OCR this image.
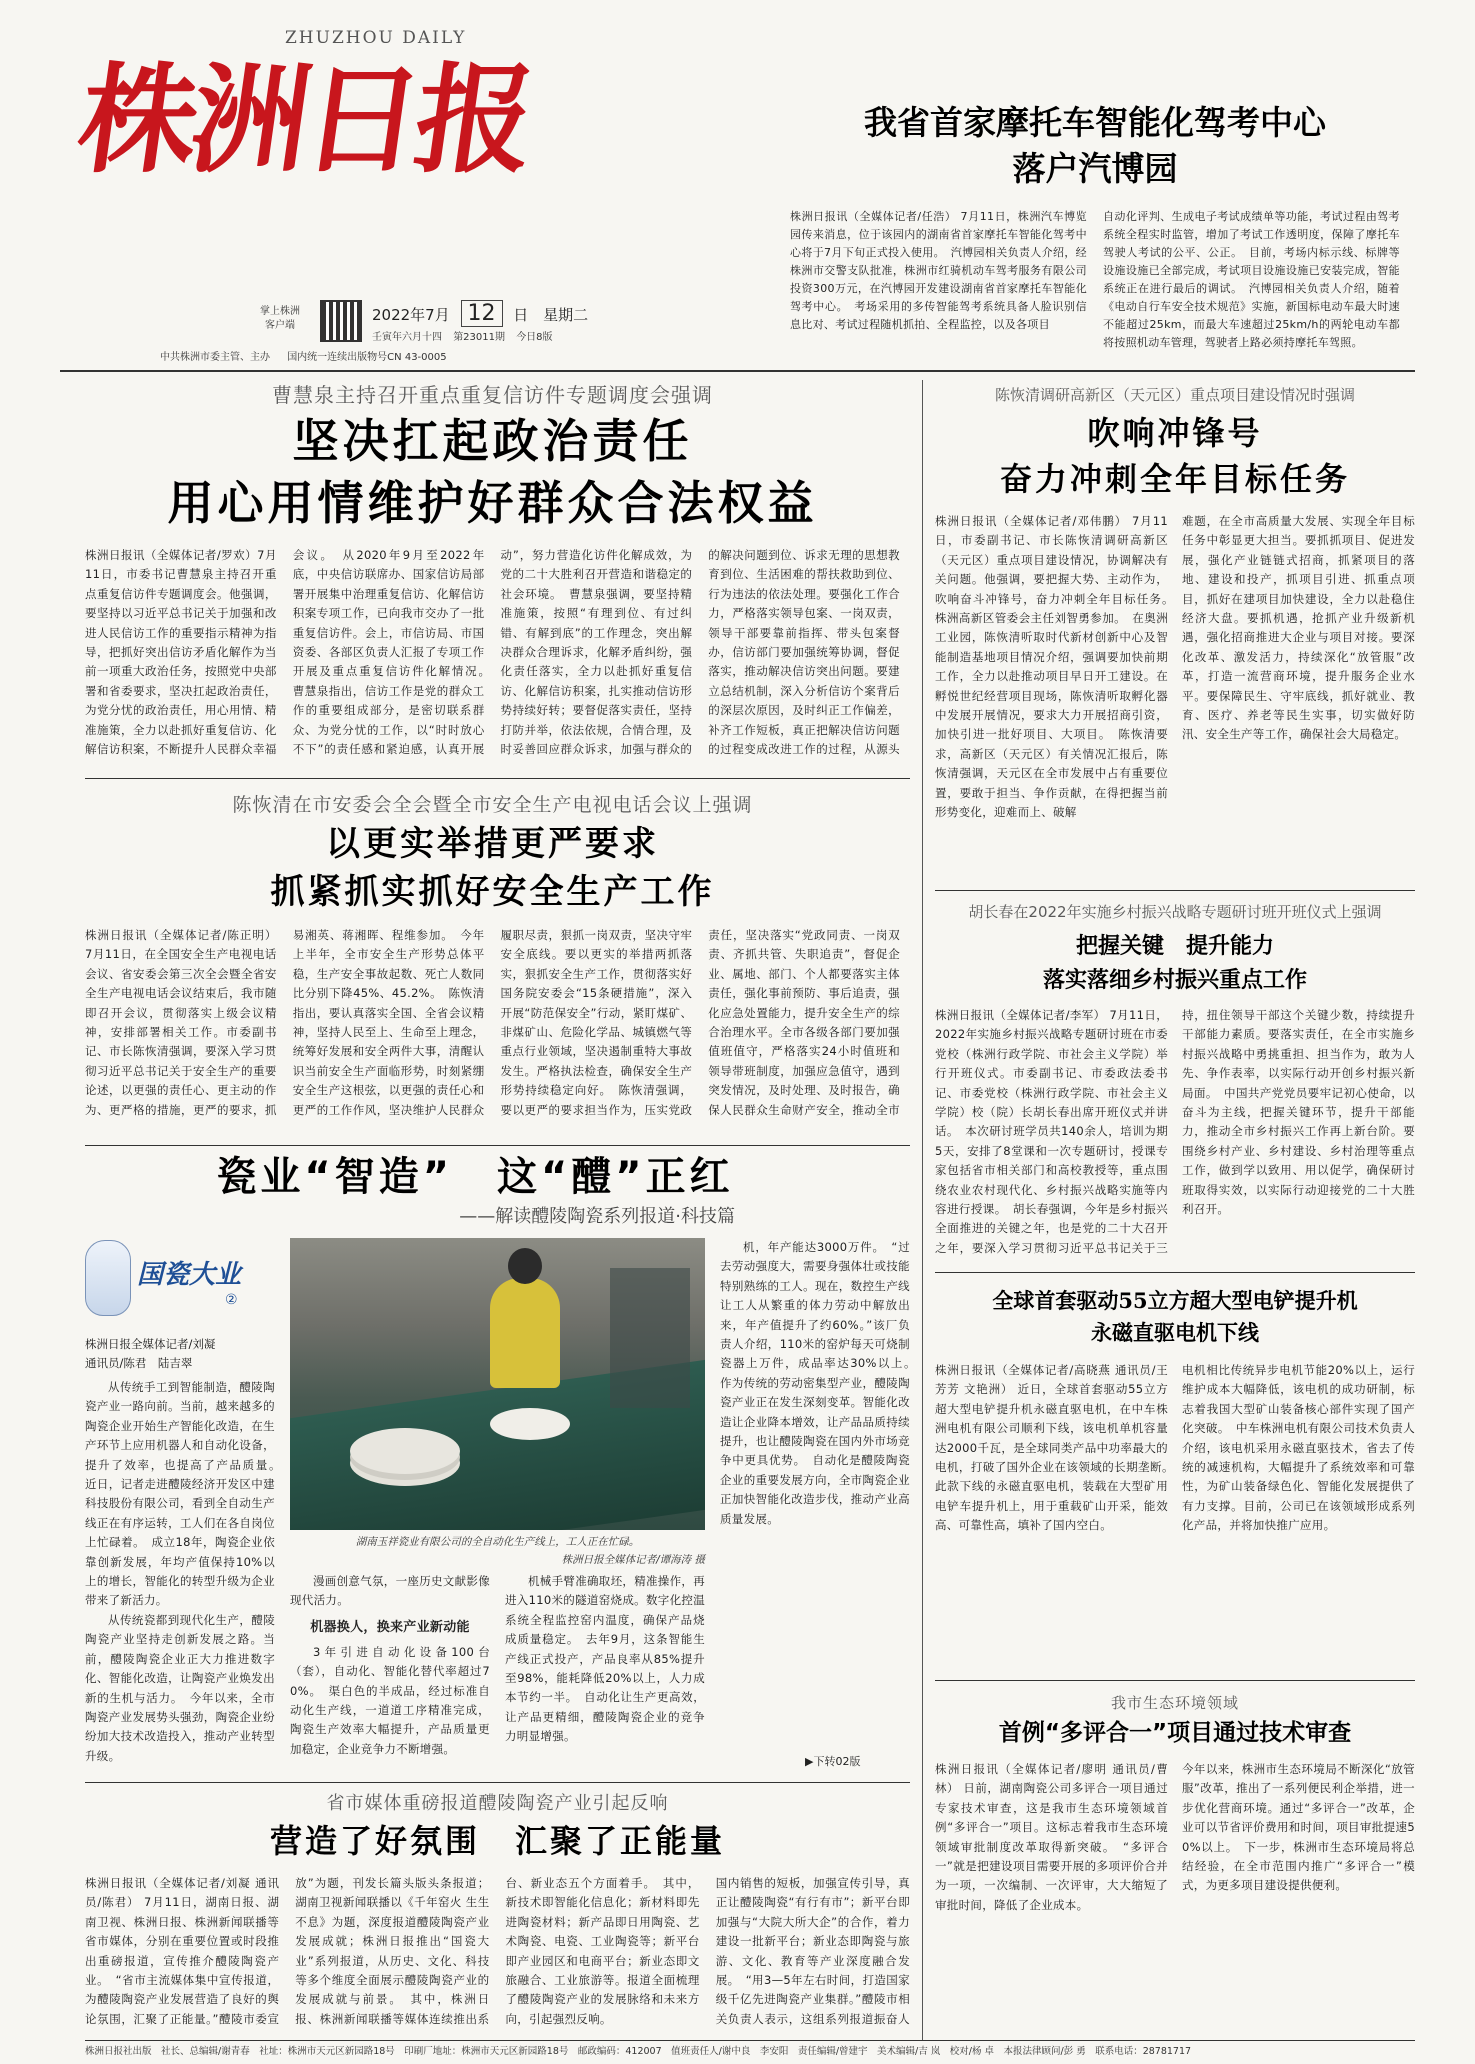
ZHUZHOU DAILY
株洲日报
掌上株洲
客户端
2022年7月 12 日 星期二
壬寅年六月十四 第23011期 今日8版
中共株洲市委主管、主办 国内统一连续出版物号CN 43-0005
我省首家摩托车智能化驾考中心
落户汽博园
株洲日报讯（全媒体记者/任浩） 7月11日，株洲汽车博览园传来消息，位于该园内的湖南省首家摩托车智能化驾考中心将于7月下旬正式投入使用。　汽博园相关负责人介绍，经株洲市交警支队批准，株洲市红骑机动车驾考服务有限公司投资300万元，在汽博园开发建设湖南省首家摩托车智能化驾考中心。　考场采用的多传智能驾考系统具备人脸识别信息比对、考试过程随机抓拍、全程监控，以及各项目
自动化评判、生成电子考试成绩单等功能，考试过程由驾考系统全程实时监管，增加了考试工作透明度，保障了摩托车驾驶人考试的公平、公正。　目前，考场内标示线、标牌等设施设施已全部完成，考试项目设施设施已安装完成，智能系统正在进行最后的调试。　汽博园相关负责人介绍，随着《电动自行车安全技术规范》实施，新国标电动车最大时速不能超过25km，而最大车速超过25km/h的两轮电动车都将按照机动车管理，驾驶者上路必须持摩托车驾照。
曹慧泉主持召开重点重复信访件专题调度会强调
坚决扛起政治责任
用心用情维护好群众合法权益
株洲日报讯（全媒体记者/罗欢）7月11日，市委书记曹慧泉主持召开重点重复信访件专题调度会。他强调，要坚持以习近平总书记关于加强和改进人民信访工作的重要指示精神为指导，把抓好突出信访矛盾化解作为当前一项重大政治任务，按照党中央部署和省委要求，坚决扛起政治责任，为党分忧的政治责任，用心用情、精准施策，全力以赴抓好重复信访、化解信访积案，不断提升人民群众幸福　
会议。　从2020年9月至2022年底，中央信访联席办、国家信访局部署开展集中治理重复信访、化解信访积案专项工作，已向我市交办了一批重复信访件。会上，市信访局、市国资委、各部区负责人汇报了专项工作开展及重点重复信访件化解情况。　曹慧泉指出，信访工作是党的群众工作的重要组成部分，是密切联系群众、为党分忧的工作，以“时时放心不下”的责任感和紧迫感，认真开展
动”，努力营造化访件化解成效，为党的二十大胜利召开营造和谐稳定的社会环境。　曹慧泉强调，要坚持精准施策，按照“有理到位、有过纠错、有解到底”的工作理念，突出解决群众合理诉求，化解矛盾纠纷，强化责任落实，全力以赴抓好重复信访、化解信访积案，扎实推动信访形势持续好转；要督促落实责任，坚持打防并举，依法依规，合情合理，及时妥善回应群众诉求，加强与群众的
的解决问题到位、诉求无理的思想教育到位、生活困难的帮扶救助到位、行为违法的依法处理。要强化工作合力，严格落实领导包案、一岗双责，领导干部要靠前指挥、带头包案督办，信访部门要加强统筹协调，督促落实，推动解决信访突出问题。要建立总结机制，深入分析信访个案背后的深层次原因，及时纠正工作偏差，补齐工作短板，真正把解决信访问题的过程变成改进工作的过程，从源头
陈恢清调研高新区（天元区）重点项目建设情况时强调
吹响冲锋号
奋力冲刺全年目标任务
株洲日报讯（全媒体记者/邓伟鹏） 7月11日，市委副书记、市长陈恢清调研高新区（天元区）重点项目建设情况，协调解决有关问题。他强调，要把握大势、主动作为，吹响奋斗冲锋号，奋力冲刺全年目标任务。　株洲高新区管委会主任刘智勇参加。　在奥洲工业园，陈恢清听取时代新材创新中心及智能制造基地项目情况介绍，强调要加快前期工作，全力以赴推动项目早日开工建设。在孵悦世纪经营项目现场，陈恢清听取孵化器中发展开展情况，要求大力开展招商引资，加快引进一批好项目、大项目。　陈恢清要求，高新区（天元区）有关情况汇报后，陈恢清强调，天元区在全市发展中占有重要位置，要敢于担当、争作贡献，在得把握当前形势变化，迎难而上、破解
难题，在全市高质量大发展、实现全年目标任务中彰显更大担当。要抓抓项目、促进发展，强化产业链链式招商，抓紧项目的落地、建设和投产，抓项目引进、抓重点项目，抓好在建项目加快建设，全力以赴稳住经济大盘。要抓机遇，抢抓产业升级新机遇，强化招商推进大企业与项目对接。要深化改革、激发活力，持续深化“放管服”改革，打造一流营商环境，提升服务企业水平。要保障民生、守牢底线，抓好就业、教育、医疗、养老等民生实事，切实做好防汛、安全生产等工作，确保社会大局稳定。
陈恢清在市安委会全会暨全市安全生产电视电话会议上强调
以更实举措更严要求
抓紧抓实抓好安全生产工作
株洲日报讯（全媒体记者/陈正明） 7月11日，在全国安全生产电视电话会议、省安委会第三次全会暨全省安全生产电视电话会议结束后，我市随即召开会议，贯彻落实上级会议精神，安排部署相关工作。市委副书记、市长陈恢清强调，要深入学习贯彻习近平总书记关于安全生产的重要论述，以更强的责任心、更主动的作为、更严格的措施，更严的要求，抓　
易湘英、蒋湘晖、程维参加。　今年上半年，全市安全生产形势总体平稳，生产安全事故起数、死亡人数同比分别下降45%、45.2%。　陈恢清指出，要认真落实全国、全省会议精神，坚持人民至上、生命至上理念，统筹好发展和安全两件大事，清醒认识当前安全生产面临形势，时刻紧绷安全生产这根弦，以更强的责任心和更严的工作作风，坚决维护人民群众　
履职尽责，狠抓一岗双责，坚决守牢安全底线。要以更实的举措两抓落实，狠抓安全生产工作，贯彻落实好国务院安委会“15条硬措施”，深入开展“防范保安全”行动，紧盯煤矿、非煤矿山、危险化学品、城镇燃气等重点行业领域，坚决遏制重特大事故发生。严格执法检查，确保安全生产形势持续稳定向好。　陈恢清强调，要以更严的要求担当作为，压实党政
责任，坚决落实“党政同责、一岗双责、齐抓共管、失职追责”，督促企业、属地、部门、个人都要落实主体责任，强化事前预防、事后追责，强化应急处置能力，提升安全生产的综合治理水平。全市各级各部门要加强值班值守，严格落实24小时值班和领导带班制度，加强应急值守，遇到突发情况，及时处理、及时报告，确保人民群众生命财产安全，推动全市
胡长春在2022年实施乡村振兴战略专题研讨班开班仪式上强调
把握关键　提升能力
落实落细乡村振兴重点工作
株洲日报讯（全媒体记者/李军） 7月11日，2022年实施乡村振兴战略专题研讨班在市委党校（株洲行政学院、市社会主义学院）举行开班仪式。市委副书记、市委政法委书记、市委党校（株洲行政学院、市社会主义学院）校（院）长胡长春出席开班仪式并讲话。　本次研讨班学员共140余人，培训为期5天，安排了8堂课和一次专题研讨，授课专家包括省市相关部门和高校教授等，重点围绕农业农村现代化、乡村振兴战略实施等内容进行授课。　胡长春强调，今年是乡村振兴全面推进的关键之年，也是党的二十大召开之年，要深入学习贯彻习近平总书记关于三
持，扭住领导干部这个关键少数，持续提升干部能力素质。要落实责任，在全市实施乡村振兴战略中勇挑重担、担当作为，敢为人先、争作表率，以实际行动开创乡村振兴新局面。　中国共产党党员要牢记初心使命，以奋斗为主线，把握关键环节，提升干部能力，推动全市乡村振兴工作再上新台阶。要围绕乡村产业、乡村建设、乡村治理等重点工作，做到学以致用、用以促学，确保研讨班取得实效，以实际行动迎接党的二十大胜利召开。
瓷业“智造”　这“醴”正红
——解读醴陵陶瓷系列报道·科技篇
国瓷大业
②
株洲日报全媒体记者/刘凝
通讯员/陈君　陆吉翠

从传统手工到智能制造，醴陵陶瓷产业一路向前。当前，越来越多的陶瓷企业开始生产智能化改造，在生产环节上应用机器人和自动化设备，提升了效率，也提高了产品质量。　近日，记者走进醴陵经济开发区中建科技股份有限公司，看到全自动生产线正在有序运转，工人们在各自岗位上忙碌着。　成立18年，陶瓷企业依靠创新发展，年均产值保持10%以上的增长，智能化的转型升级为企业带来了新活力。

从传统瓷都到现代化生产，醴陵陶瓷产业坚持走创新发展之路。当前，醴陵陶瓷企业正大力推进数字化、智能化改造，让陶瓷产业焕发出新的生机与活力。　今年以来，全市陶瓷产业发展势头强劲，陶瓷企业纷纷加大技术改造投入，推动产业转型升级。

湖南玉祥瓷业有限公司的全自动化生产线上，工人正在忙碌。
株洲日报全媒体记者/谭海涛 摄

漫画创意气氛，一座历史文献影像现代活力。

机器换人，换来产业新动能

3年引进自动化设备100台（套），自动化、智能化替代率超过70%。　渠白色的半成品，经过标准自动化生产线，一道道工序精准完成，陶瓷生产效率大幅提升，产品质量更加稳定，企业竞争力不断增强。

机械手臂准确取坯，精准操作，再进入110米的隧道窑烧成。数字化控温系统全程监控窑内温度，确保产品烧成质量稳定。　去年9月，这条智能生产线正式投产，产品良率从85%提升至98%，能耗降低20%以上，人力成本节约一半。　自动化让生产更高效，让产品更精细，醴陵陶瓷企业的竞争力明显增强。

机，年产能达3000万件。　“过去劳动强度大，需要身强体壮或技能特别熟练的工人。现在，数控生产线让工人从繁重的体力劳动中解放出来，年产值提升了约60%。”该厂负责人介绍，110米的窑炉每天可烧制瓷器上万件，成品率达30%以上。　作为传统的劳动密集型产业，醴陵陶瓷产业正在发生深刻变革。智能化改造让企业降本增效，让产品品质持续提升，也让醴陵陶瓷在国内外市场竞争中更具优势。　自动化是醴陵陶瓷企业的重要发展方向，全市陶瓷企业正加快智能化改造步伐，推动产业高质量发展。

▶下转02版
全球首套驱动55立方超大型电铲提升机
永磁直驱电机下线
株洲日报讯（全媒体记者/高晓燕 通讯员/王芳芳 文艳洲） 近日，全球首套驱动55立方超大型电铲提升机永磁直驱电机，在中车株洲电机有限公司顺利下线，该电机单机容量达2000千瓦，是全球同类产品中功率最大的电机，打破了国外企业在该领域的长期垄断。　此款下线的永磁直驱电机，装载在大型矿用电铲车提升机上，用于重载矿山开采，能效高、可靠性高，填补了国内空白。
电机相比传统异步电机节能20%以上，运行维护成本大幅降低，该电机的成功研制，标志着我国大型矿山装备核心部件实现了国产化突破。　中车株洲电机有限公司技术负责人介绍，该电机采用永磁直驱技术，省去了传统的减速机构，大幅提升了系统效率和可靠性，为矿山装备绿色化、智能化发展提供了有力支撑。目前，公司已在该领域形成系列化产品，并将加快推广应用。
我市生态环境领域
首例“多评合一”项目通过技术审查
株洲日报讯（全媒体记者/廖明 通讯员/曹林） 日前，湖南陶瓷公司多评合一项目通过专家技术审查，这是我市生态环境领域首例“多评合一”项目。这标志着我市生态环境领域审批制度改革取得新突破。　“多评合一”就是把建设项目需要开展的多项评价合并为一项，一次编制、一次评审，大大缩短了审批时间，降低了企业成本。
今年以来，株洲市生态环境局不断深化“放管服”改革，推出了一系列便民利企举措，进一步优化营商环境。通过“多评合一”改革，企业可以节省评价费用和时间，项目审批提速50%以上。　下一步，株洲市生态环境局将总结经验，在全市范围内推广“多评合一”模式，为更多项目建设提供便利。
省市媒体重磅报道醴陵陶瓷产业引起反响
营造了好氛围　汇聚了正能量
株洲日报讯（全媒体记者/刘凝 通讯员/陈君） 7月11日，湖南日报、湖南卫视、株洲日报、株洲新闻联播等省市媒体，分别在重要位置或时段推出重磅报道，宣传推介醴陵陶瓷产业。　“省市主流媒体集中宣传报道，为醴陵陶瓷产业发展营造了良好的舆论氛围，汇聚了正能量。”醴陵市委宣
放”为题，刊发长篇头版头条报道；湖南卫视新闻联播以《千年窑火 生生不息》为题，深度报道醴陵陶瓷产业发展成就；株洲日报推出“国瓷大业”系列报道，从历史、文化、科技等多个维度全面展示醴陵陶瓷产业的发展成就与前景。　其中，株洲日报、株洲新闻联播等媒体连续推出系
台、新业态五个方面着手。　其中，新技术即智能化信息化；新材料即先进陶瓷材料；新产品即日用陶瓷、艺术陶瓷、电瓷、工业陶瓷等；新平台即产业园区和电商平台；新业态即文旅融合、工业旅游等。报道全面梳理了醴陵陶瓷产业的发展脉络和未来方向，引起强烈反响。
国内销售的短板，加强宣传引导，真正让醴陵陶瓷“有行有市”；新平台即加强与“大院大所大企”的合作，着力建设一批新平台；新业态即陶瓷与旅游、文化、教育等产业深度融合发展。　“用3—5年左右时间，打造国家级千亿先进陶瓷产业集群。”醴陵市相关负责人表示，这组系列报道振奋人
株洲日报社出版　社长、总编辑/谢青春　社址：株洲市天元区新园路18号　印刷厂地址：株洲市天元区新园路18号　邮政编码：412007　值班责任人/谢中良　李安阳　责任编辑/曾建宇　美术编辑/吉 岚　校对/杨 卓　本报法律顾问/彭 勇　联系电话：28781717
